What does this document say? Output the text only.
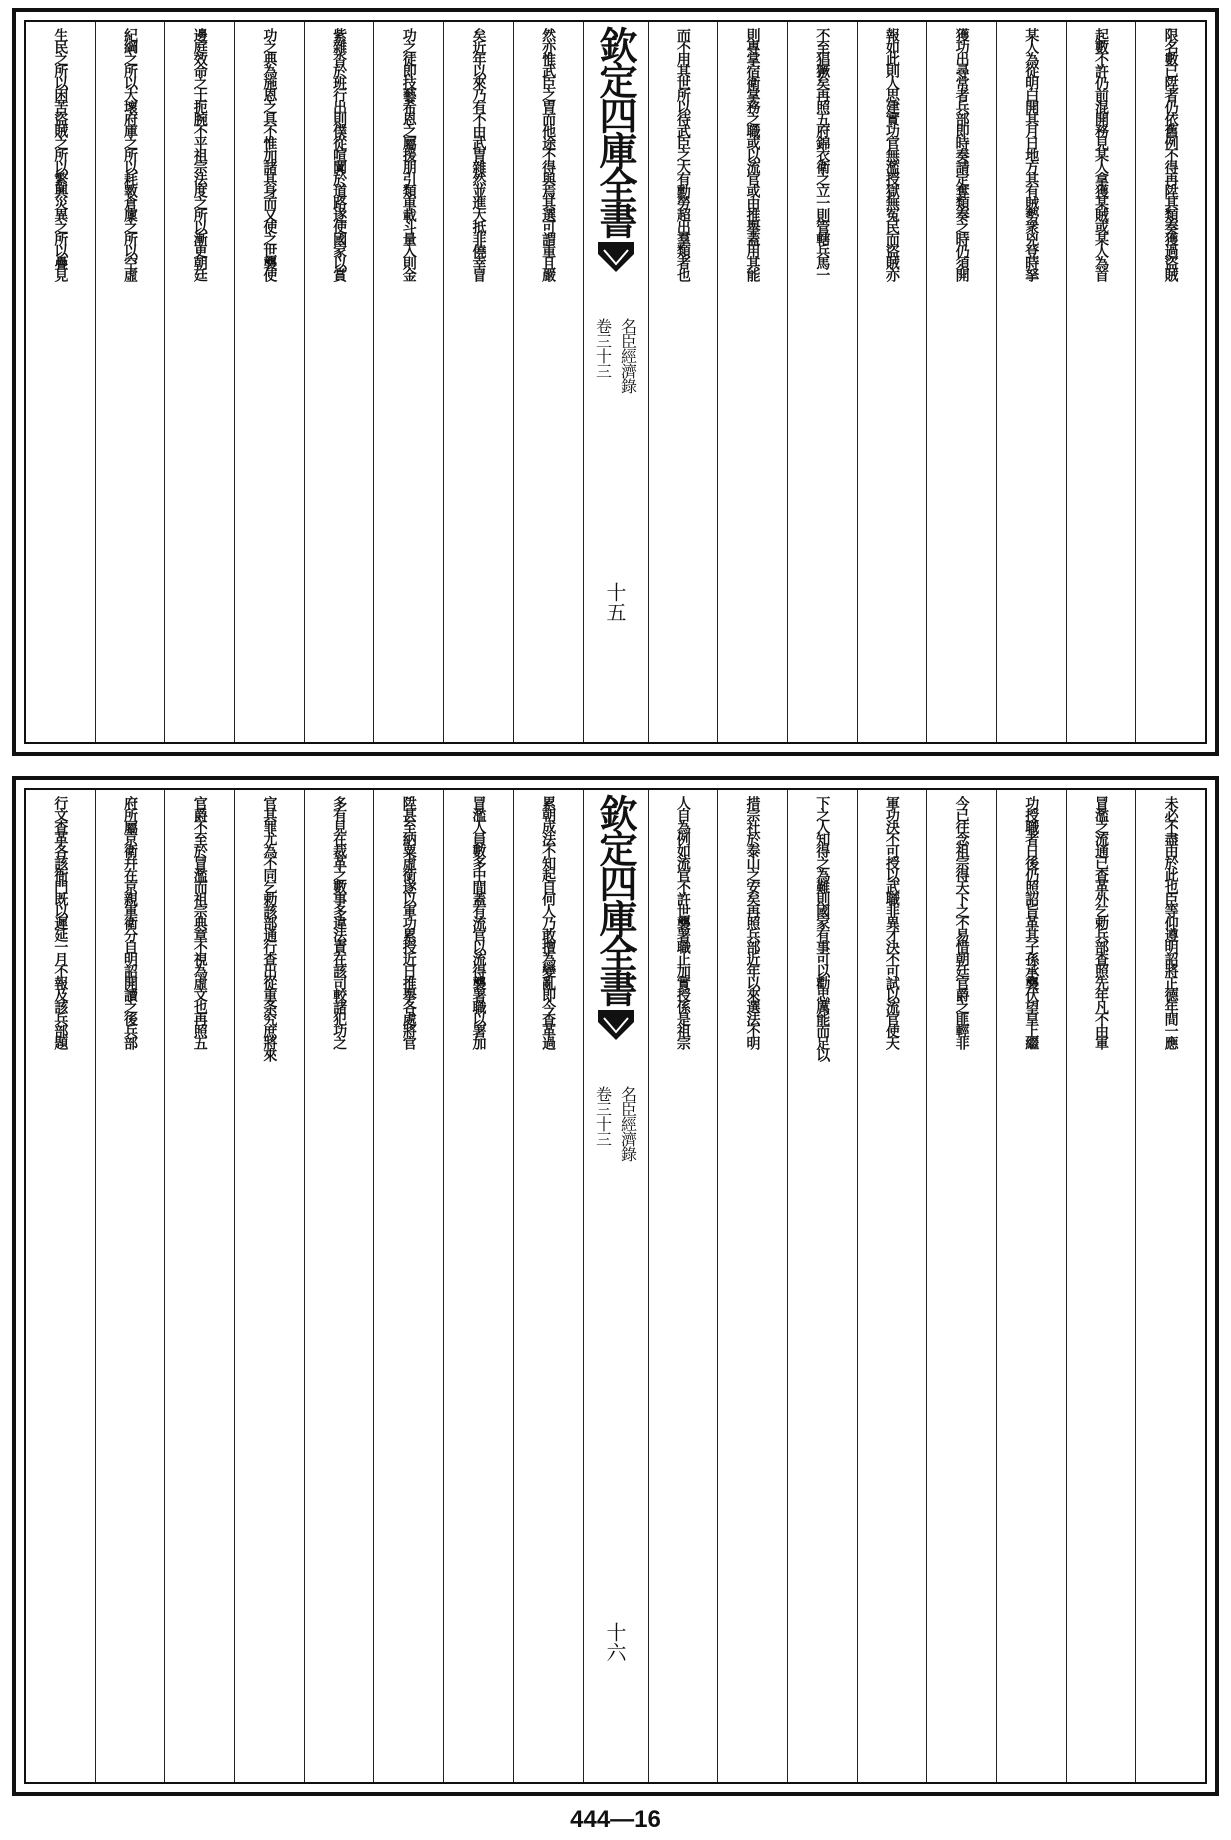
限名數已陞者仍依舊例不得再陞其類奏獲過盜賊
起數不許仍前混開務見某人拿獲某賊或某人為首
某人為從明白開其月日地方其有賊勢衆兇登時拏
獲功出尋常者兵部即時奏請定奪類奏之時仍須開
報如此則人思建實功官無濫授獄無冤民而盜賊亦
不至猖獗矣再照五府錦衣衛之立一則管轄兵馬一
則專掌宿衛掌務之職或以流官或由推舉蓋用其能
而不用其世所以待武臣之大有勳勞超出羣類者也
欽定四庫全書
名臣經濟錄
卷三十三
十五
然亦惟武臣之胄而他途不得與焉其選可謂重且嚴
矣近年以來乃有不由武胄雜然並進大抵非僥幸冒
功之徒即技藝希恩之屬援朋引類車載斗量入則金
紫雜沓於班行出則僕從喧闐於道路遂使國家以賞
功之典為施恩之具不惟加諸其身而又使之世襲使
邊庭效命之士扼腕不平祖宗法度之所以漸更朝廷
紀綱之所以大壞府庫之所以耗斁倉廩之所以空虛
生民之所以困苦盜賊之所以繁興災異之所以疊見
未必不盡由於此也臣等仰遵明詔將正德年間一應
冒濫之流通已查革外乞勅兵部查照先年凡不由軍
功授職者日後仍照詔旨革其子孫承襲伏望皇上繼
今已往念祖宗得天下之不易惜朝廷官爵之匪輕非
軍功決不可授以武職非異才決不可試以流官使天
下之人知得之為難則國家有事可以勸忠厲能而足以
措宗社於泰山之安矣再照兵部近年以來選法不明
人自為例如流官不許世襲署職止加實授係是祖宗
欽定四庫全書
名臣經濟錄
卷三十三
十六
累朝成法不知起自何人乃敢擅為變亂即今查革過
冒濫人員數多中間蓋有流官以流得襲署職以署加
陞甚至納粟虛銜遂以軍功累授近日推舉各處將官
多有見在裁革之數事多違法責在該司較諸犯功之
官其罪尤為不同乞勅該部通行查出從重条究庶將來
官爵不至於冒濫而祖宗典章不視為虛文也再照五
府所屬京衛幷在京親軍衛分自明詔開讀之後兵部
行文查革各該衙門既以遲延一月不報及該兵部題
444—16
